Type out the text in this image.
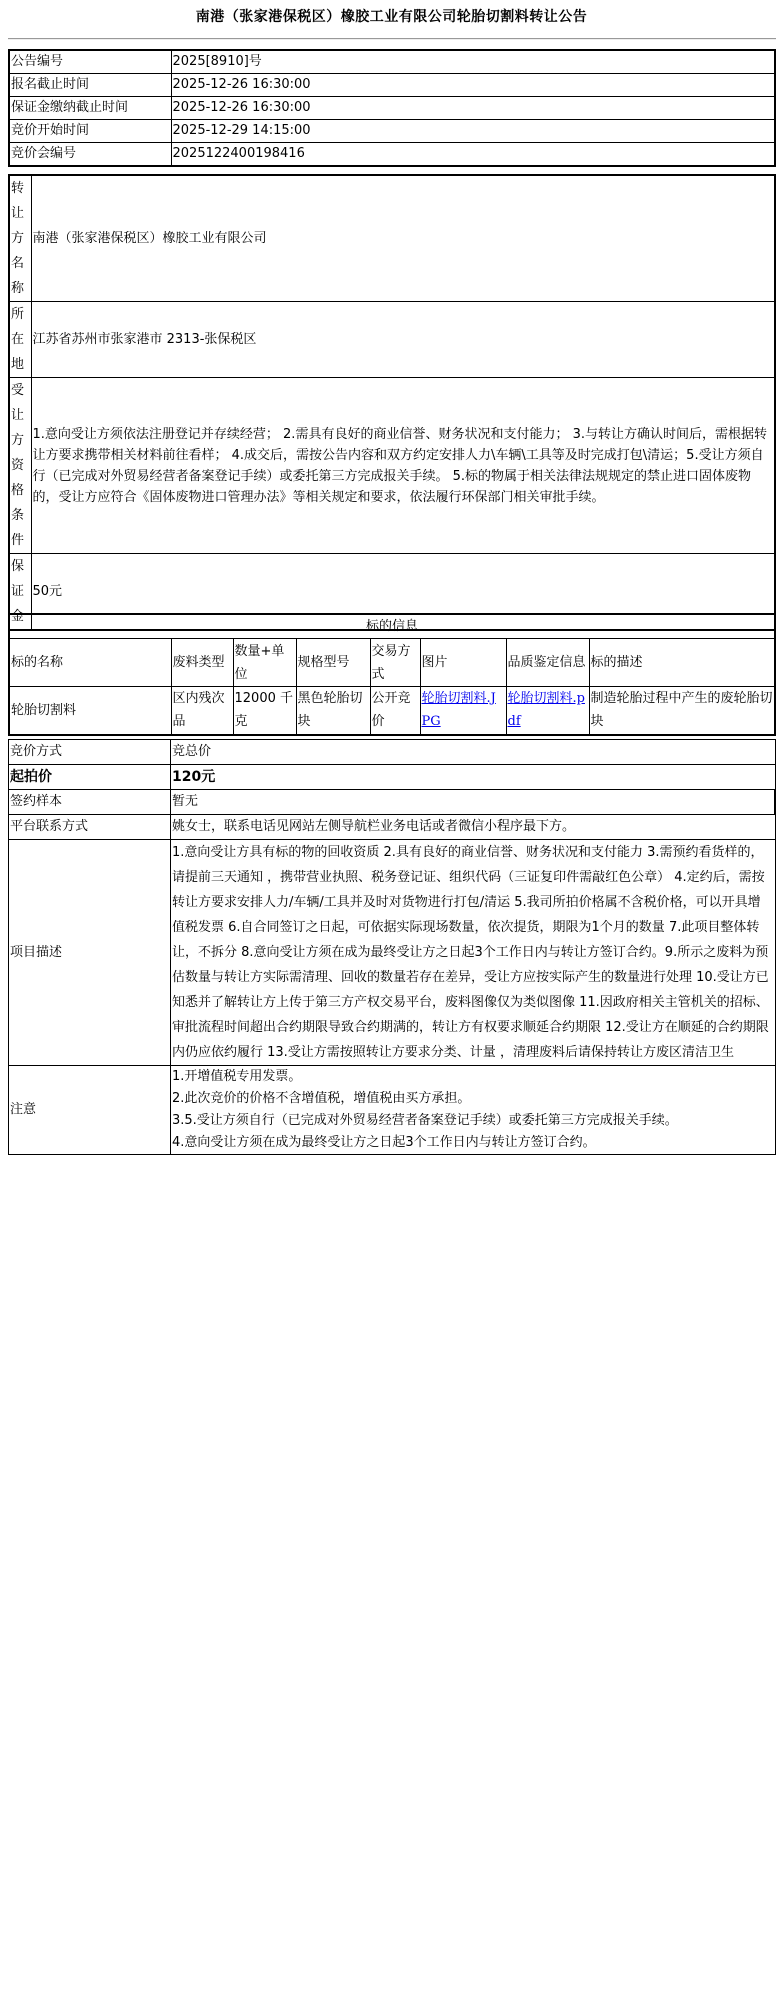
南港（张家港保税区）橡胶工业有限公司轮胎切割料转让公告
公告编号	2025[8910]号
报名截止时间	2025-12-26 16:30:00
保证金缴纳截止时间	2025-12-26 16:30:00
竞价开始时间	2025-12-29 14:15:00
竞价会编号	2025122400198416
转让方名称	南港（张家港保税区）橡胶工业有限公司
所在地	江苏省苏州市张家港市 2313-张保税区
受让方资格条件	1.意向受让方须依法注册登记并存续经营； 2.需具有良好的商业信誉、财务状况和支付能力； 3.与转让方确认时间后，需根据转让方要求携带相关材料前往看样； 4.成交后，需按公告内容和双方约定安排人力\车辆\工具等及时完成打包\清运；5.受让方须自行（已完成对外贸易经营者备案登记手续）或委托第三方完成报关手续。 5.标的物属于相关法律法规规定的禁止进口固体废物的，受让方应符合《固体废物进口管理办法》等相关规定和要求，依法履行环保部门相关审批手续。
保证金	50元
标的信息							
标的名称	废料类型	数量+单位	规格型号	交易方式	图片	品质鉴定信息	标的描述
轮胎切割料	区内残次品	12000 千克	黑色轮胎切块	公开竞价	轮胎切割料.JPG	轮胎切割料.pdf	制造轮胎过程中产生的废轮胎切块
竞价方式	竞总价
起拍价	120元
签约样本	暂无
平台联系方式	姚女士，联系电话见网站左侧导航栏业务电话或者微信小程序最下方。
项目描述	1.意向受让方具有标的物的回收资质 2.具有良好的商业信誉、财务状况和支付能力 3.需预约看货样的，请提前三天通知 ，携带营业执照、税务登记证、组织代码（三证复印件需敲红色公章） 4.定约后，需按转让方要求安排人力/车辆/工具并及时对货物进行打包/清运 5.我司所拍价格属不含税价格，可以开具增值税发票 6.自合同签订之日起，可依据实际现场数量，依次提货，期限为1个月的数量 7.此项目整体转让，不拆分 8.意向受让方须在成为最终受让方之日起3个工作日内与转让方签订合约。9.所示之废料为预估数量与转让方实际需清理、回收的数量若存在差异，受让方应按实际产生的数量进行处理 10.受让方已知悉并了解转让方上传于第三方产权交易平台，废料图像仅为类似图像 11.因政府相关主管机关的招标、审批流程时间超出合约期限导致合约期满的，转让方有权要求顺延合约期限 12.受让方在顺延的合约期限内仍应依约履行 13.受让方需按照转让方要求分类、计量 ，清理废料后请保持转让方废区清洁卫生
注意	1.开增值税专用发票。
2.此次竞价的价格不含增值税，增值税由买方承担。
3.5.受让方须自行（已完成对外贸易经营者备案登记手续）或委托第三方完成报关手续。
4.意向受让方须在成为最终受让方之日起3个工作日内与转让方签订合约。
